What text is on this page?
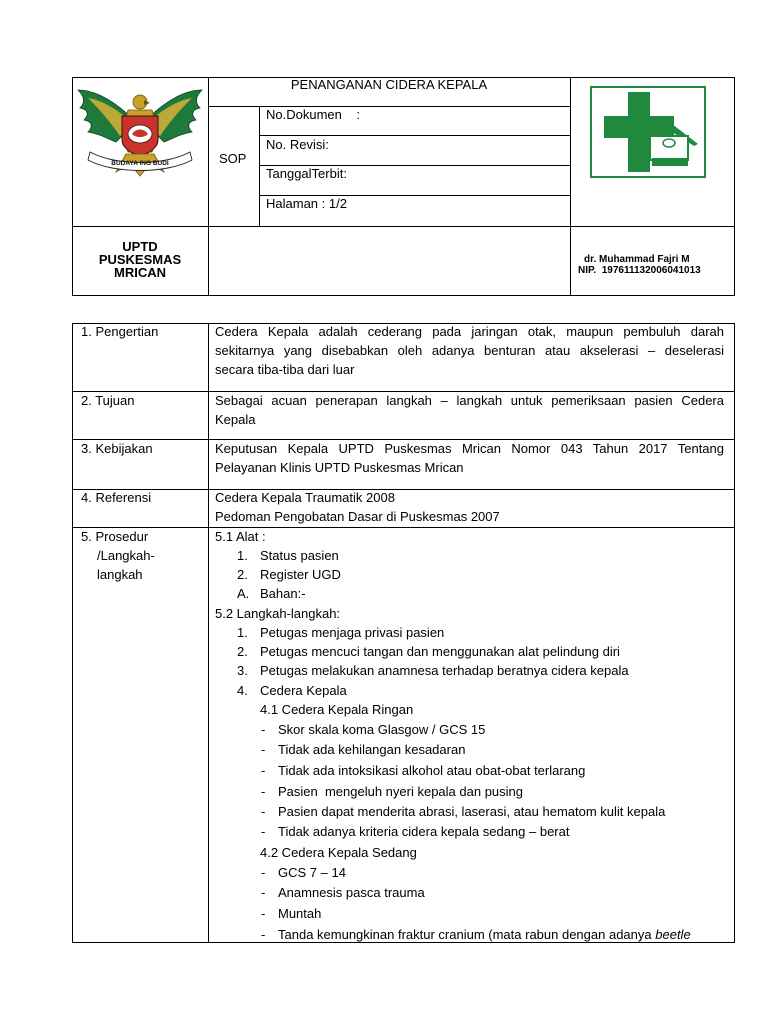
BUDAYA ING BUDI
PENANGANAN CIDERA KEPALA
SOP
No.Dokumen    :
No. Revisi:
TanggalTerbit:
Halaman : 1/2
UPTD
PUSKESMAS
MRICAN
dr. Muhammad Fajri M
NIP.  197611132006041013
1. Pengertian	Cedera Kepala adalah cederang pada jaringan otak, maupun pembuluh darah
sekitarnya yang disebabkan oleh adanya benturan atau akselerasi – deselerasi
secara tiba-tiba dari luar
2. Tujuan	Sebagai acuan penerapan langkah – langkah untuk pemeriksaan pasien Cedera
Kepala
3. Kebijakan	Keputusan Kepala UPTD Puskesmas Mrican Nomor 043 Tahun 2017 Tentang
Pelayanan Klinis UPTD Puskesmas Mrican
4. Referensi	Cedera Kepala Traumatik 2008
Pedoman Pengobatan Dasar di Puskesmas 2007
5. Prosedur
/Langkah-
langkah
5.1 Alat :
1. Status pasien
2. Register UGD
A. Bahan:-
5.2 Langkah-langkah:
1. Petugas menjaga privasi pasien
2. Petugas mencuci tangan dan menggunakan alat pelindung diri
3. Petugas melakukan anamnesa terhadap beratnya cidera kepala
4. Cedera Kepala
4.1 Cedera Kepala Ringan
- Skor skala koma Glasgow / GCS 15
- Tidak ada kehilangan kesadaran
- Tidak ada intoksikasi alkohol atau obat-obat terlarang
- Pasien  mengeluh nyeri kepala dan pusing
- Pasien dapat menderita abrasi, laserasi, atau hematom kulit kepala
- Tidak adanya kriteria cidera kepala sedang – berat
4.2 Cedera Kepala Sedang
- GCS 7 – 14
- Anamnesis pasca trauma
- Muntah
- Tanda kemungkinan fraktur cranium (mata rabun dengan adanya beetle
